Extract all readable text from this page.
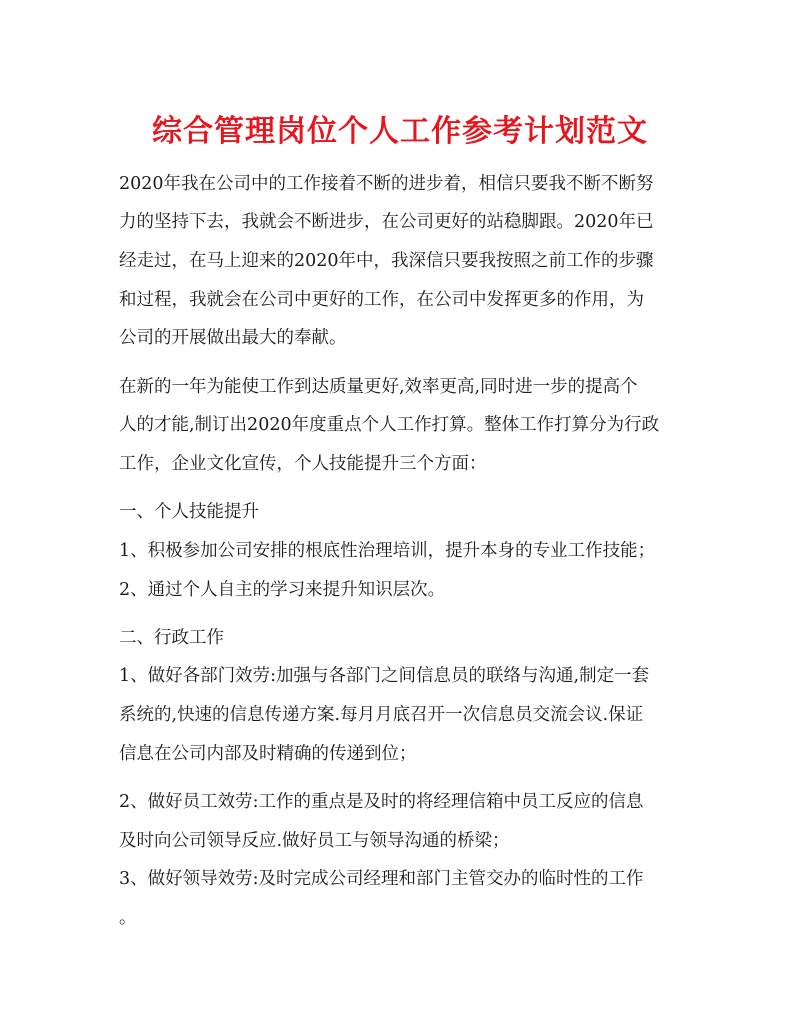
综合管理岗位个人工作参考计划范文
2020年我在公司中的工作接着不断的进步着，相信只要我不断不断努
力的坚持下去，我就会不断进步，在公司更好的站稳脚跟。2020年已
经走过，在马上迎来的2020年中，我深信只要我按照之前工作的步骤
和过程，我就会在公司中更好的工作，在公司中发挥更多的作用，为
公司的开展做出最大的奉献。
在新的一年为能使工作到达质量更好,效率更高,同时进一步的提高个
人的才能,制订出2020年度重点个人工作打算。整体工作打算分为行政
工作，企业文化宣传，个人技能提升三个方面：
一、个人技能提升
1、积极参加公司安排的根底性治理培训，提升本身的专业工作技能；
2、通过个人自主的学习来提升知识层次。
二、行政工作
1、做好各部门效劳:加强与各部门之间信息员的联络与沟通,制定一套
系统的,快速的信息传递方案.每月月底召开一次信息员交流会议.保证
信息在公司内部及时精确的传递到位；
2、做好员工效劳:工作的重点是及时的将经理信箱中员工反应的信息
及时向公司领导反应.做好员工与领导沟通的桥梁；
3、做好领导效劳:及时完成公司经理和部门主管交办的临时性的工作
。
